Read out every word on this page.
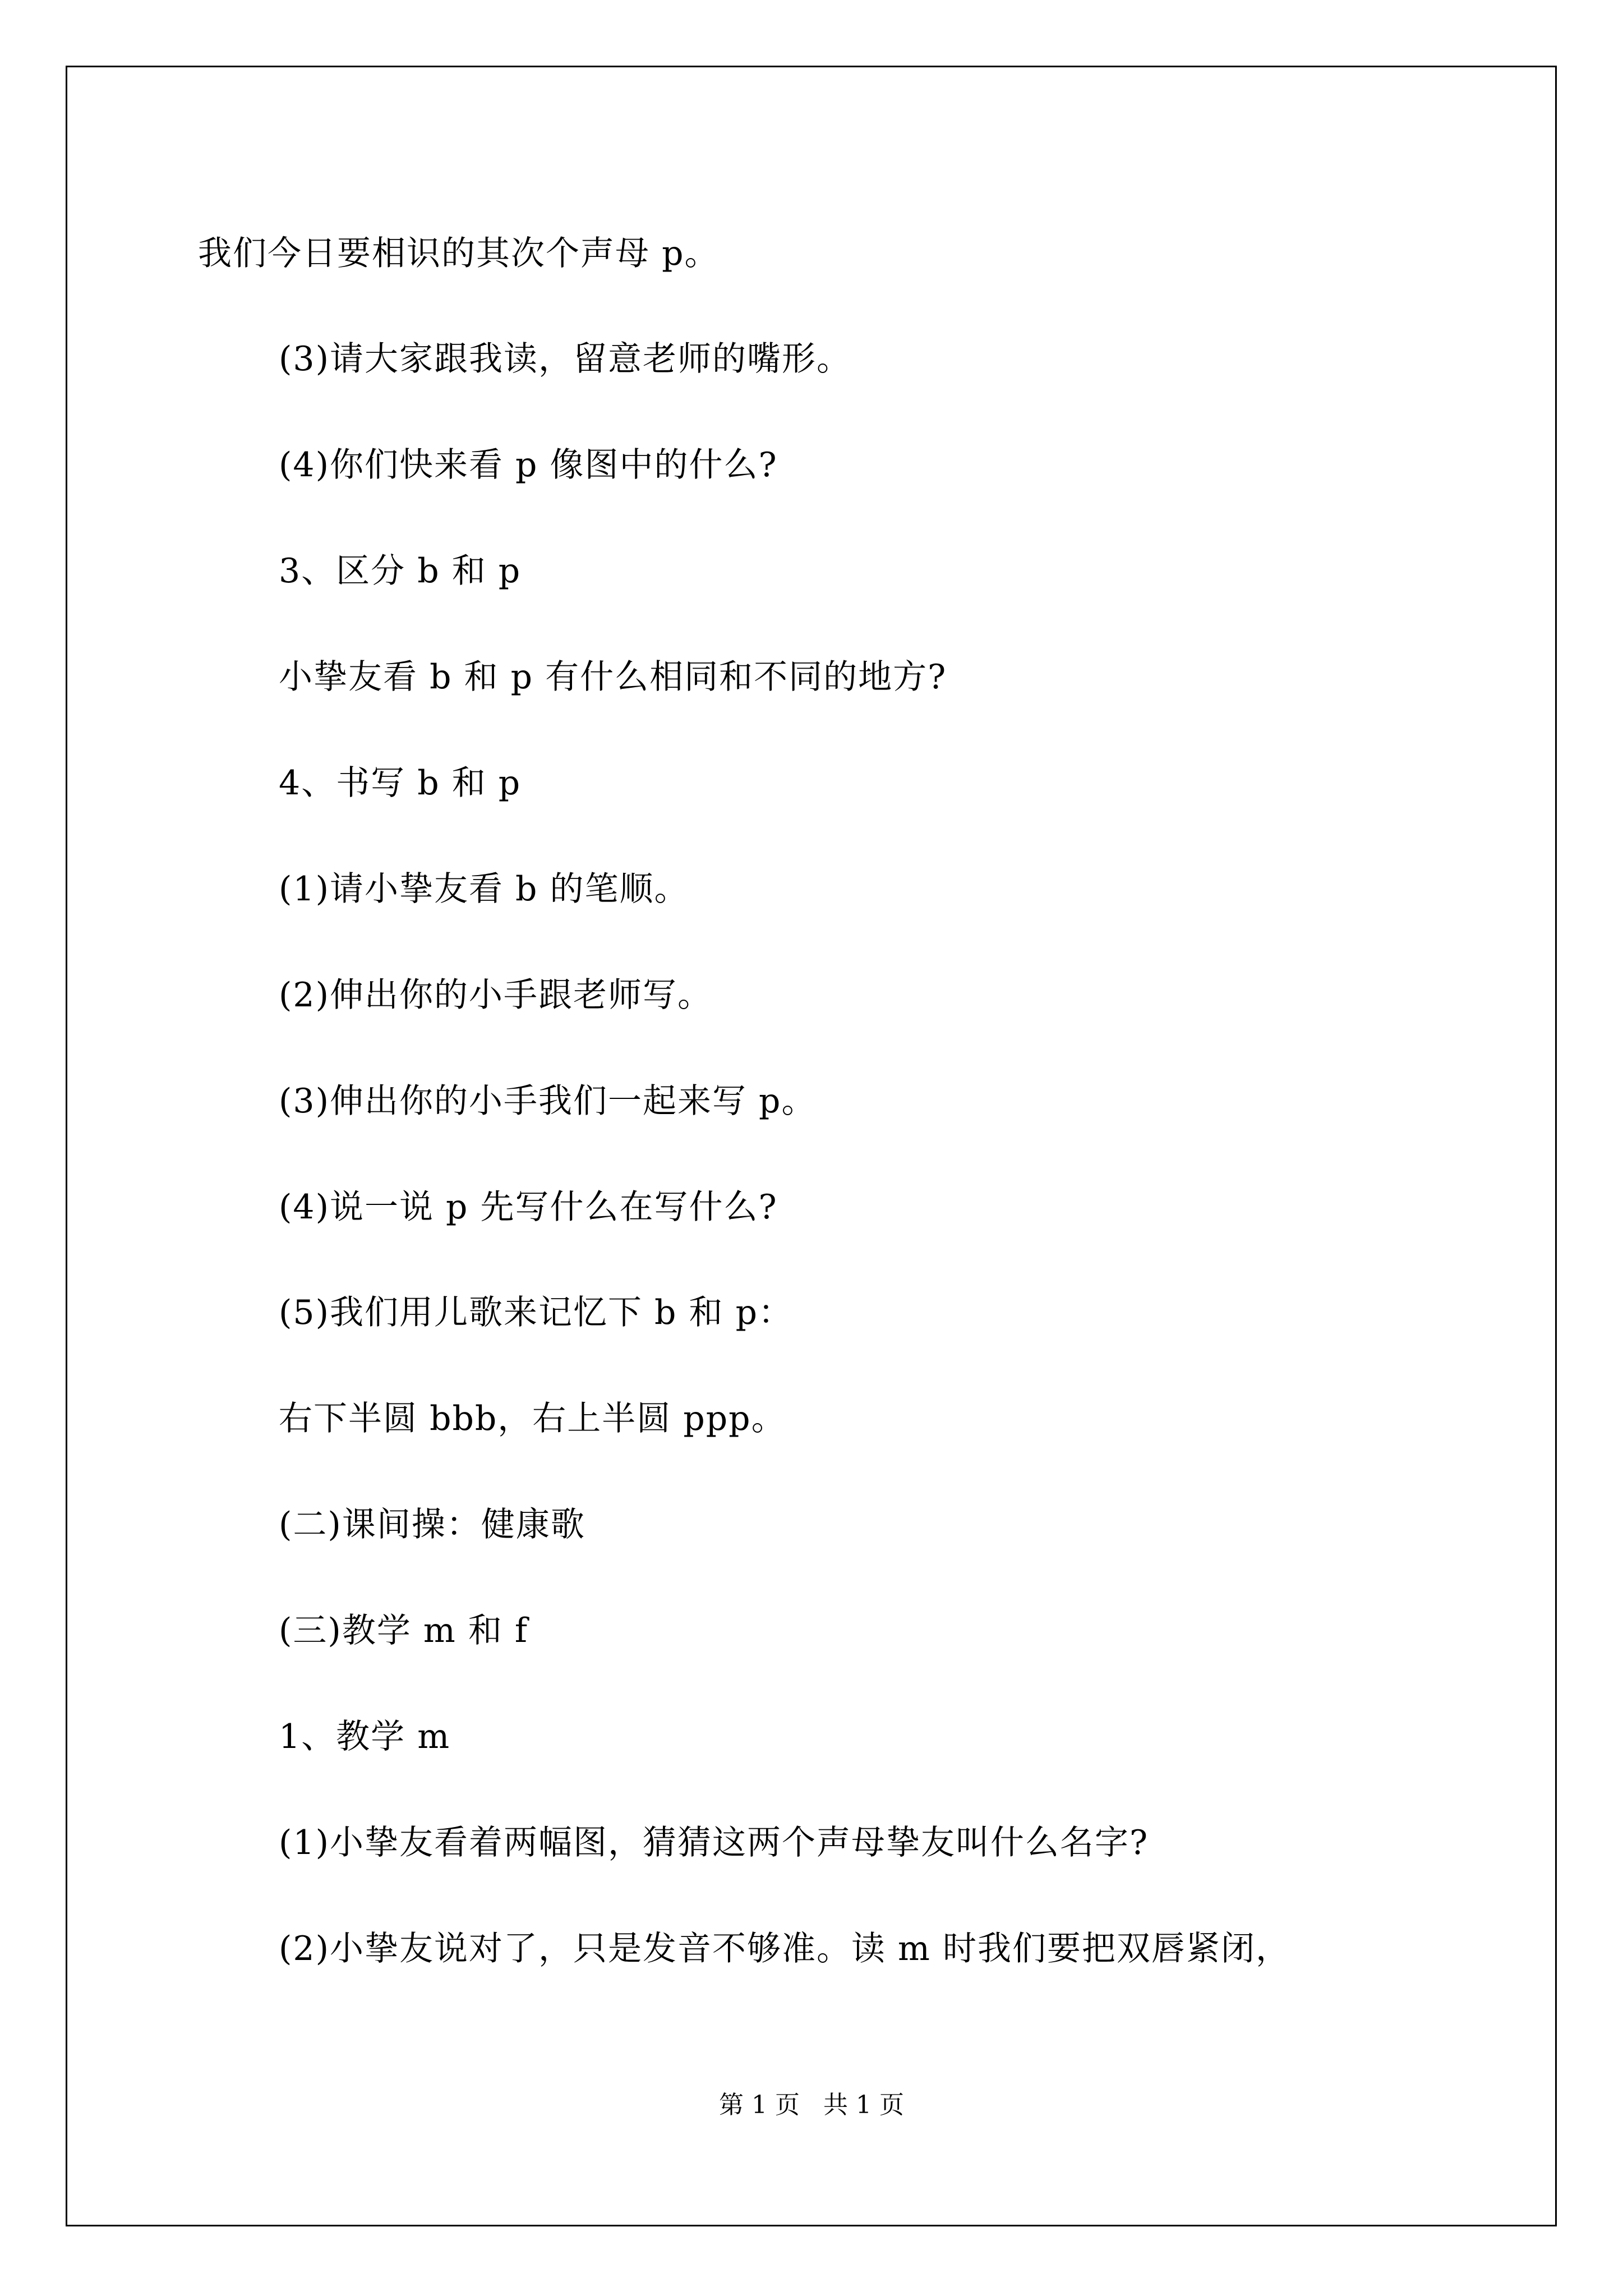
我们今日要相识的其次个声母 p。
(3)请大家跟我读，留意老师的嘴形。
(4)你们快来看 p 像图中的什么?
3、区分 b 和 p
小挚友看 b 和 p 有什么相同和不同的地方?
4、书写 b 和 p
(1)请小挚友看 b 的笔顺。
(2)伸出你的小手跟老师写。
(3)伸出你的小手我们一起来写 p。
(4)说一说 p 先写什么在写什么?
(5)我们用儿歌来记忆下 b 和 p：
右下半圆 bbb，右上半圆 ppp。
(二)课间操：健康歌
(三)教学 m 和 f
1、教学 m
(1)小挚友看着两幅图，猜猜这两个声母挚友叫什么名字?
(2)小挚友说对了，只是发音不够准。读 m 时我们要把双唇紧闭，
第 1 页   共 1 页
